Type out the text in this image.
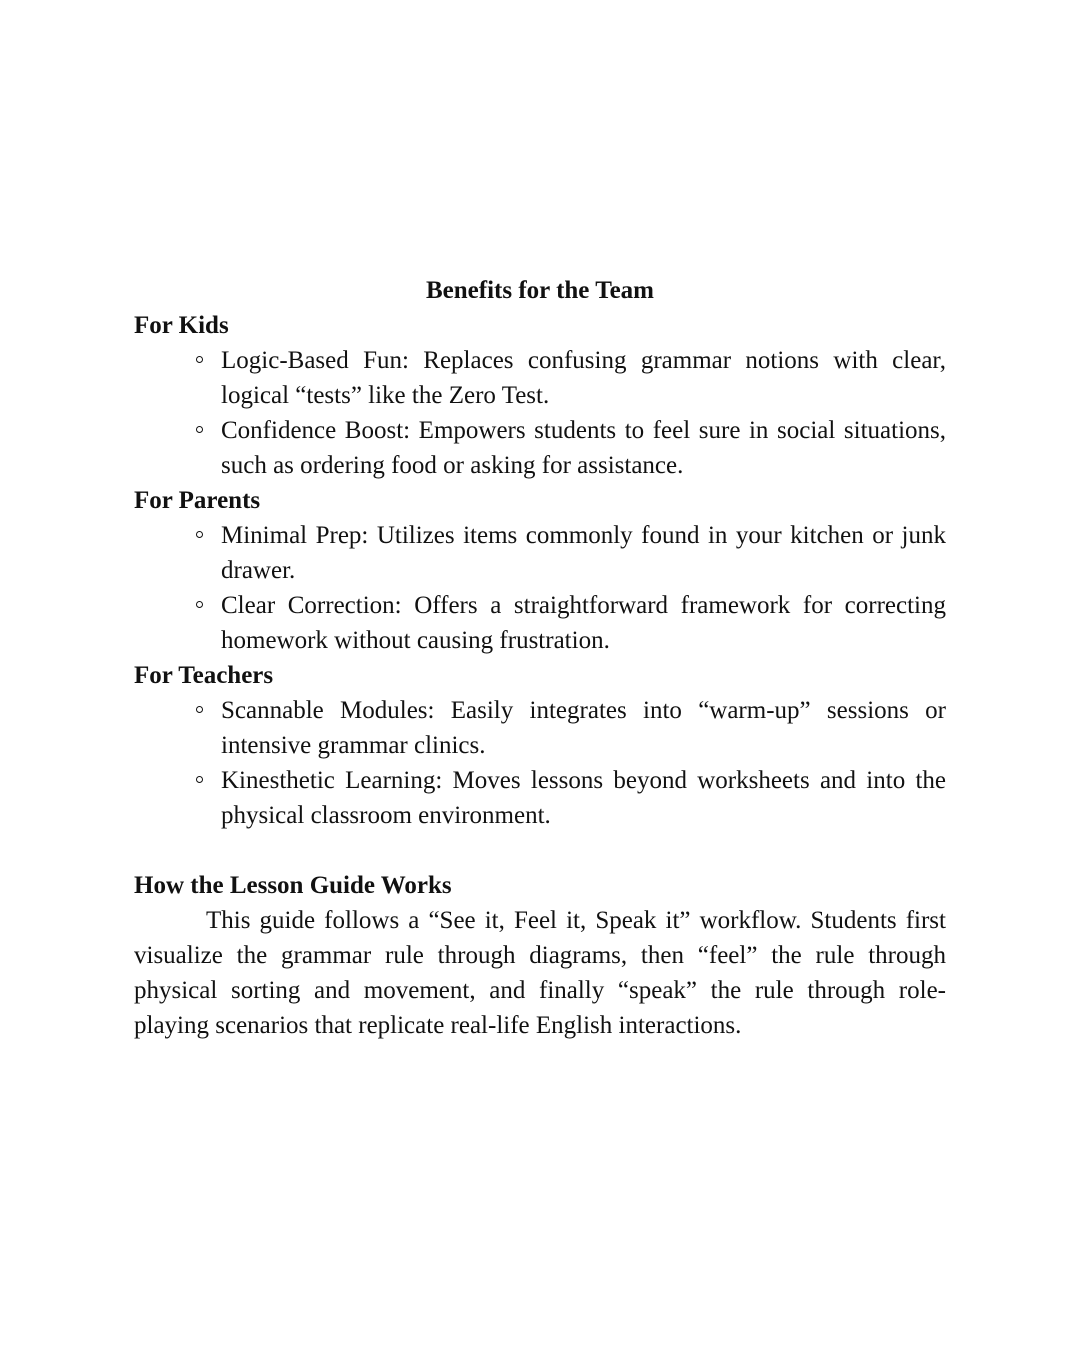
Benefits for the Team

For Kids

Logic-Based Fun: Replaces confusing grammar notions with clear, logical “tests” like the Zero Test.
Confidence Boost: Empowers students to feel sure in social situations, such as ordering food or asking for assistance.

For Parents

Minimal Prep: Utilizes items commonly found in your kitchen or junk drawer.
Clear Correction: Offers a straightforward framework for correcting homework without causing frustration.

For Teachers

Scannable Modules: Easily integrates into “warm-up” sessions or intensive grammar clinics.
Kinesthetic Learning: Moves lessons beyond worksheets and into the physical classroom environment.

How the Lesson Guide Works

This guide follows a “See it, Feel it, Speak it” workflow. Students first visualize the grammar rule through diagrams, then “feel” the rule through physical sorting and movement, and finally “speak” the rule through role-playing scenarios that replicate real-life English interactions.
